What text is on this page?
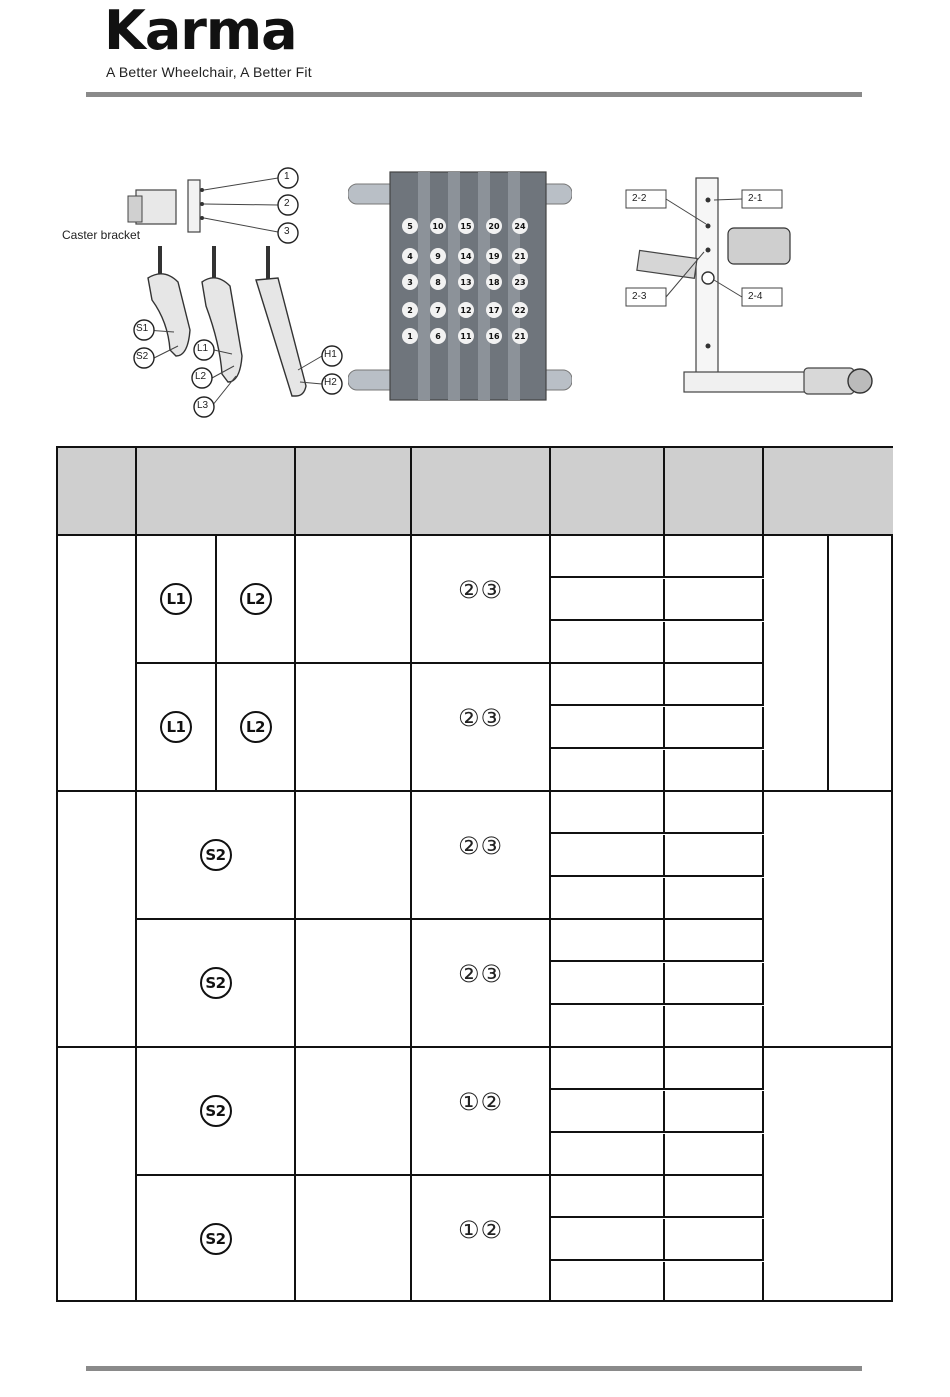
Karma
A Better Wheelchair, A Better Fit
Caster bracket
1
2
3
S1
S2
L1
L2
L3
H1
H2
5
4
3
2
1
10
9
8
7
6
15
14
13
12
11
20
19
18
17
16
24
21
23
22
21
2-2	2-1
2-3	2-4
L1	L2	②③
L1	L2	②③
S2	②③
S2	②③
S2	①②
S2	①②
